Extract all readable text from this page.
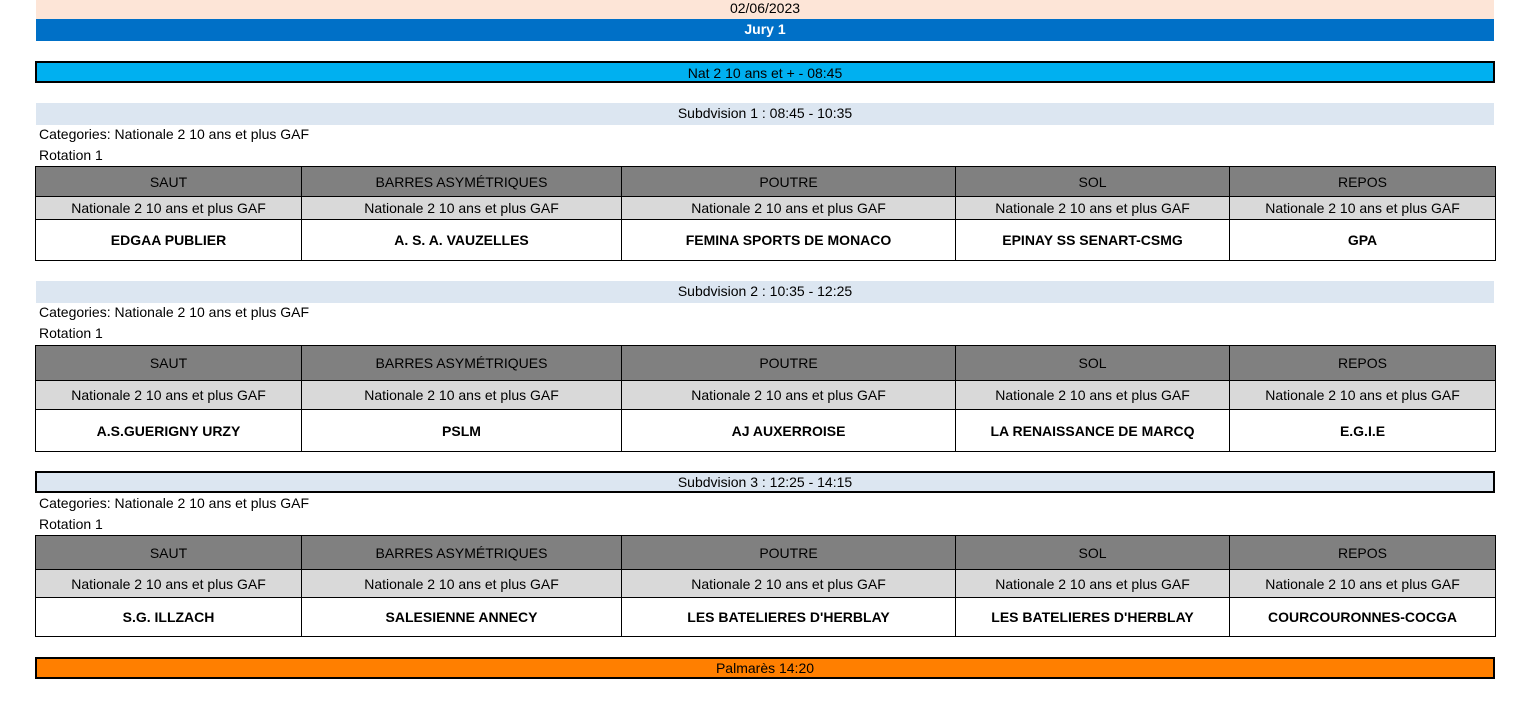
02/06/2023
Jury 1
Nat 2 10 ans et + - 08:45
Subdvision 1 : 08:45 - 10:35
Categories: Nationale 2 10 ans et plus GAF
Rotation 1
SAUT	BARRES ASYMÉTRIQUES	POUTRE	SOL	REPOS
Nationale 2 10 ans et plus GAF	Nationale 2 10 ans et plus GAF	Nationale 2 10 ans et plus GAF	Nationale 2 10 ans et plus GAF	Nationale 2 10 ans et plus GAF
EDGAA PUBLIER	A. S. A. VAUZELLES	FEMINA SPORTS DE MONACO	EPINAY SS SENART-CSMG	GPA
Subdvision 2 : 10:35 - 12:25
Categories: Nationale 2 10 ans et plus GAF
Rotation 1
SAUT	BARRES ASYMÉTRIQUES	POUTRE	SOL	REPOS
Nationale 2 10 ans et plus GAF	Nationale 2 10 ans et plus GAF	Nationale 2 10 ans et plus GAF	Nationale 2 10 ans et plus GAF	Nationale 2 10 ans et plus GAF
A.S.GUERIGNY URZY	PSLM	AJ AUXERROISE	LA RENAISSANCE DE MARCQ	E.G.I.E
Subdvision 3 : 12:25 - 14:15
Categories: Nationale 2 10 ans et plus GAF
Rotation 1
SAUT	BARRES ASYMÉTRIQUES	POUTRE	SOL	REPOS
Nationale 2 10 ans et plus GAF	Nationale 2 10 ans et plus GAF	Nationale 2 10 ans et plus GAF	Nationale 2 10 ans et plus GAF	Nationale 2 10 ans et plus GAF
S.G. ILLZACH	SALESIENNE ANNECY	LES BATELIERES D'HERBLAY	LES BATELIERES D'HERBLAY	COURCOURONNES-COCGA
Palmarès 14:20
